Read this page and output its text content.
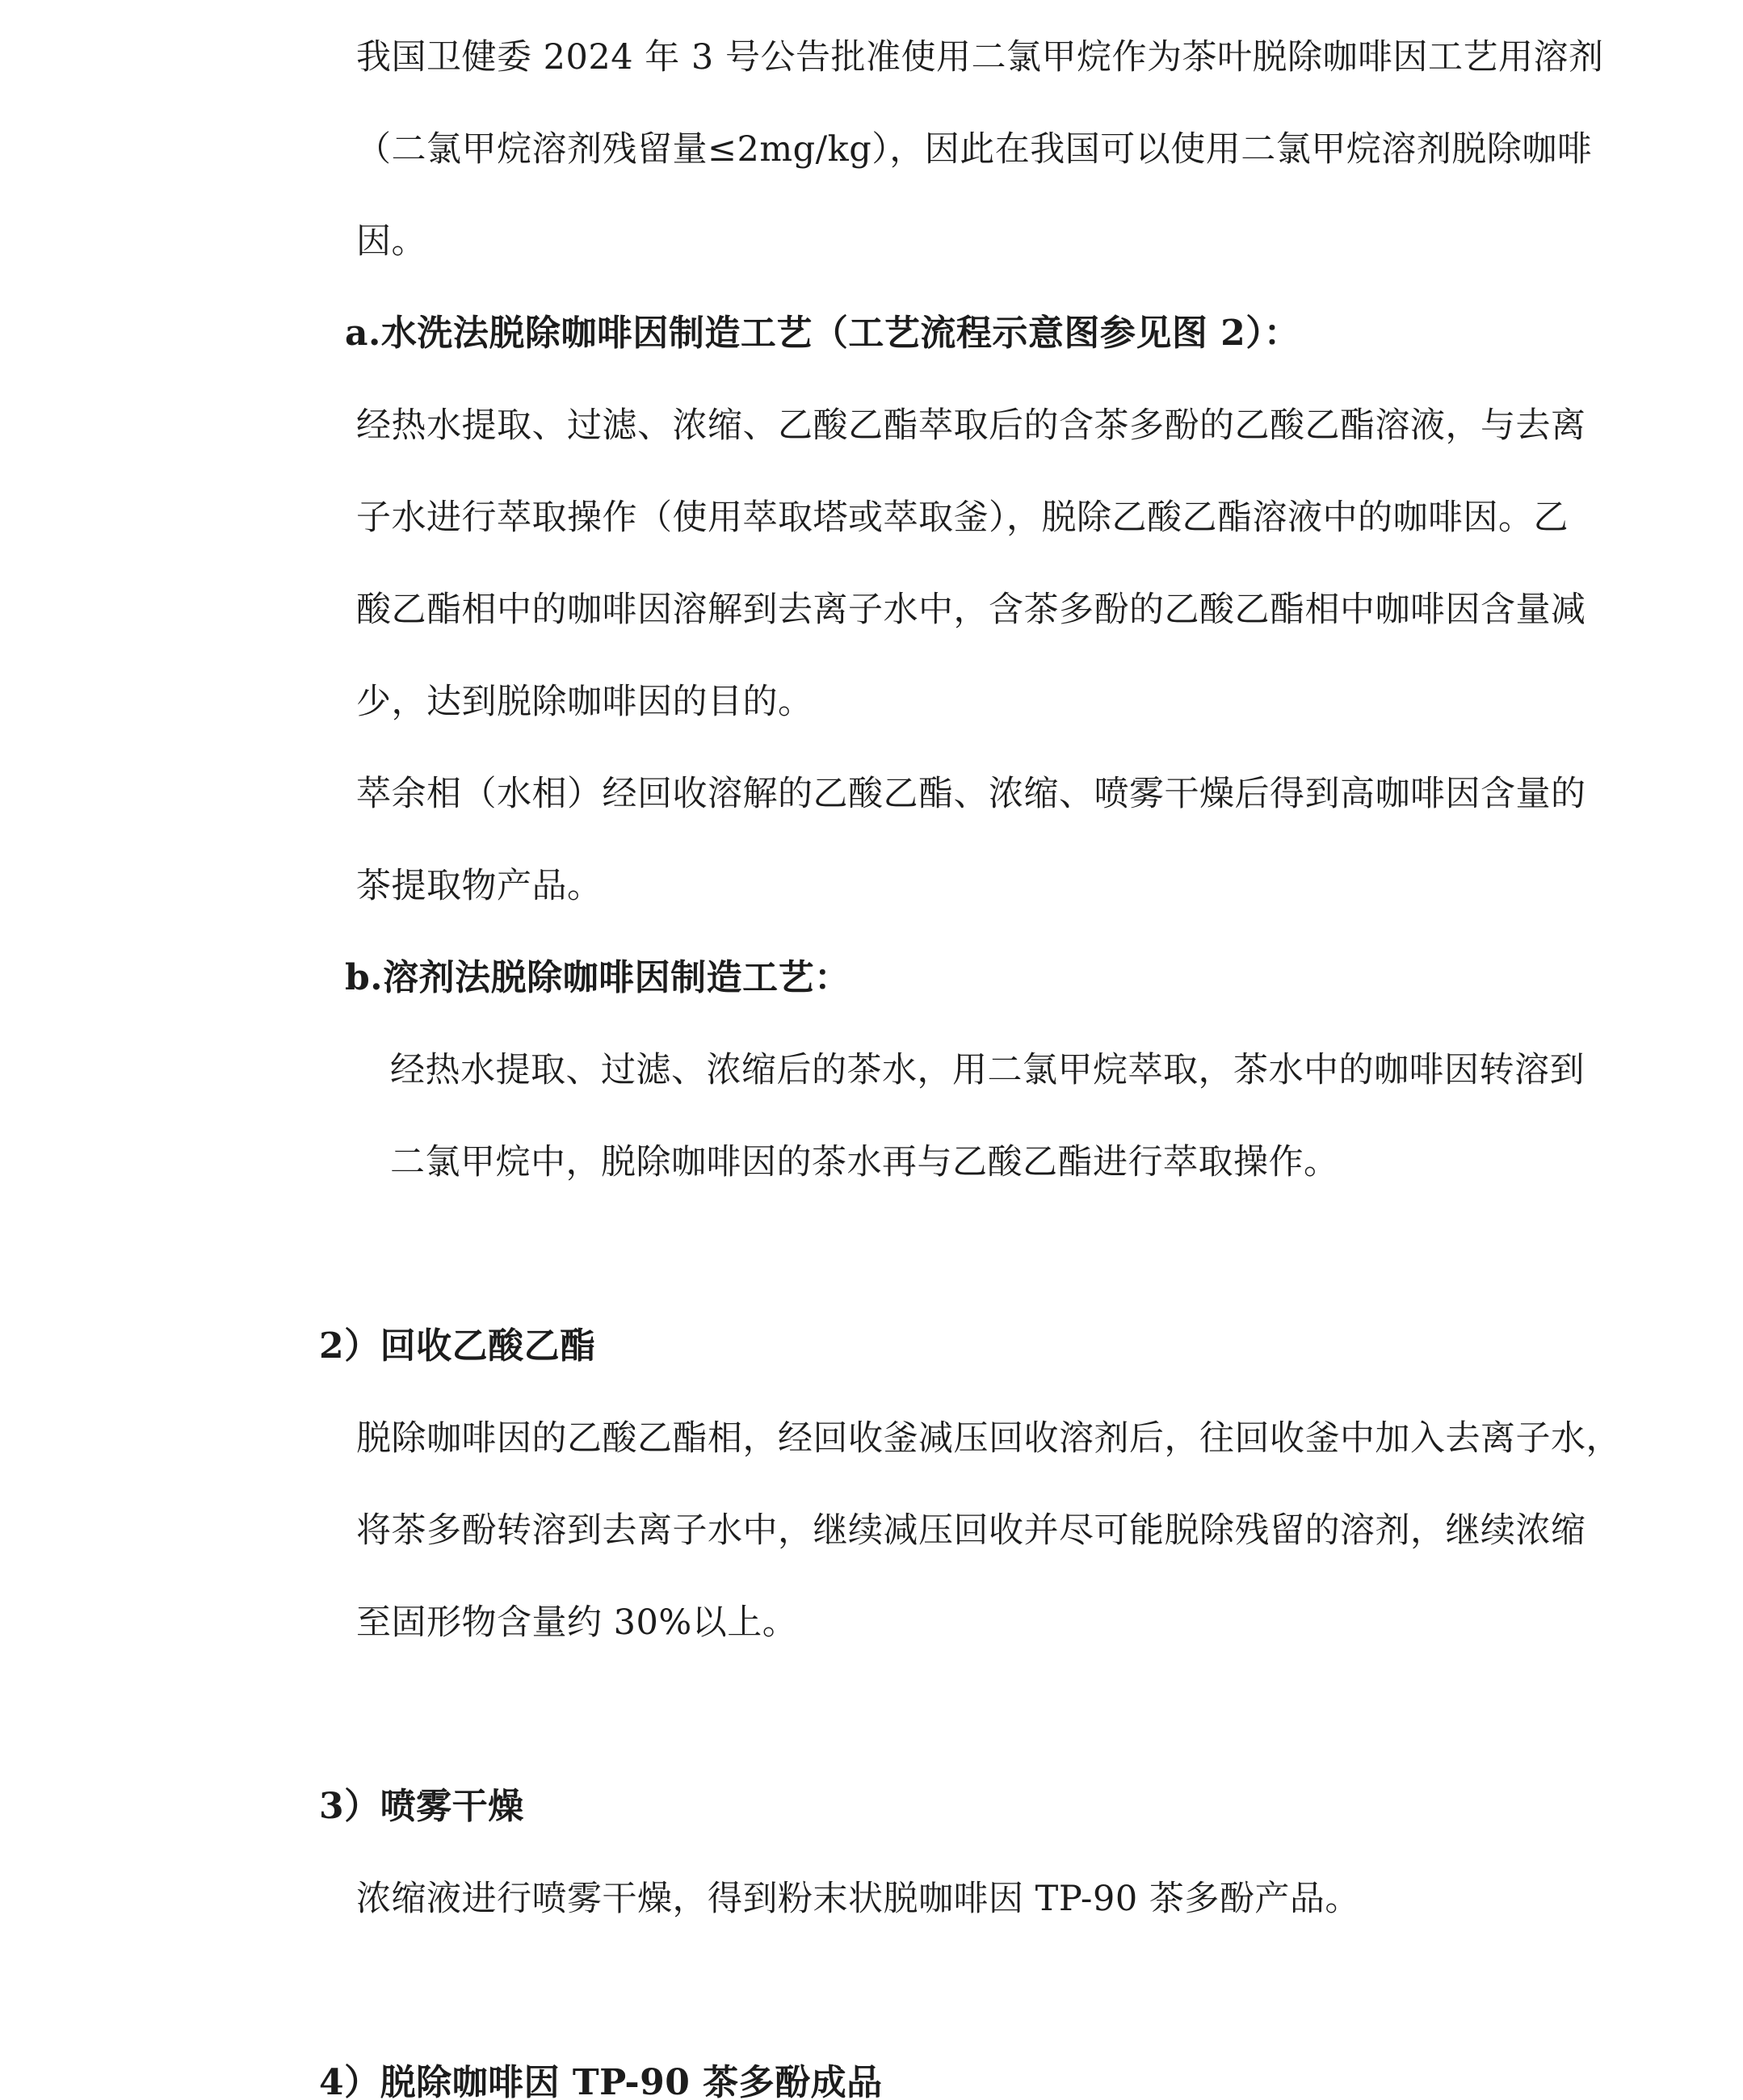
我国卫健委 2024 年 3 号公告批准使用二氯甲烷作为茶叶脱除咖啡因工艺用溶剂
（二氯甲烷溶剂残留量≤2mg/kg），因此在我国可以使用二氯甲烷溶剂脱除咖啡
因。
a.水洗法脱除咖啡因制造工艺（工艺流程示意图参见图 2）：
经热水提取、过滤、浓缩、乙酸乙酯萃取后的含茶多酚的乙酸乙酯溶液，与去离
子水进行萃取操作（使用萃取塔或萃取釜），脱除乙酸乙酯溶液中的咖啡因。乙
酸乙酯相中的咖啡因溶解到去离子水中，含茶多酚的乙酸乙酯相中咖啡因含量减
少，达到脱除咖啡因的目的。
萃余相（水相）经回收溶解的乙酸乙酯、浓缩、喷雾干燥后得到高咖啡因含量的
茶提取物产品。
b.溶剂法脱除咖啡因制造工艺：
经热水提取、过滤、浓缩后的茶水，用二氯甲烷萃取，茶水中的咖啡因转溶到
二氯甲烷中，脱除咖啡因的茶水再与乙酸乙酯进行萃取操作。
2）回收乙酸乙酯
脱除咖啡因的乙酸乙酯相，经回收釜减压回收溶剂后，往回收釜中加入去离子水，
将茶多酚转溶到去离子水中，继续减压回收并尽可能脱除残留的溶剂，继续浓缩
至固形物含量约 30%以上。
3）喷雾干燥
浓缩液进行喷雾干燥，得到粉末状脱咖啡因 TP-90 茶多酚产品。
4）脱除咖啡因 TP-90 茶多酚成品
